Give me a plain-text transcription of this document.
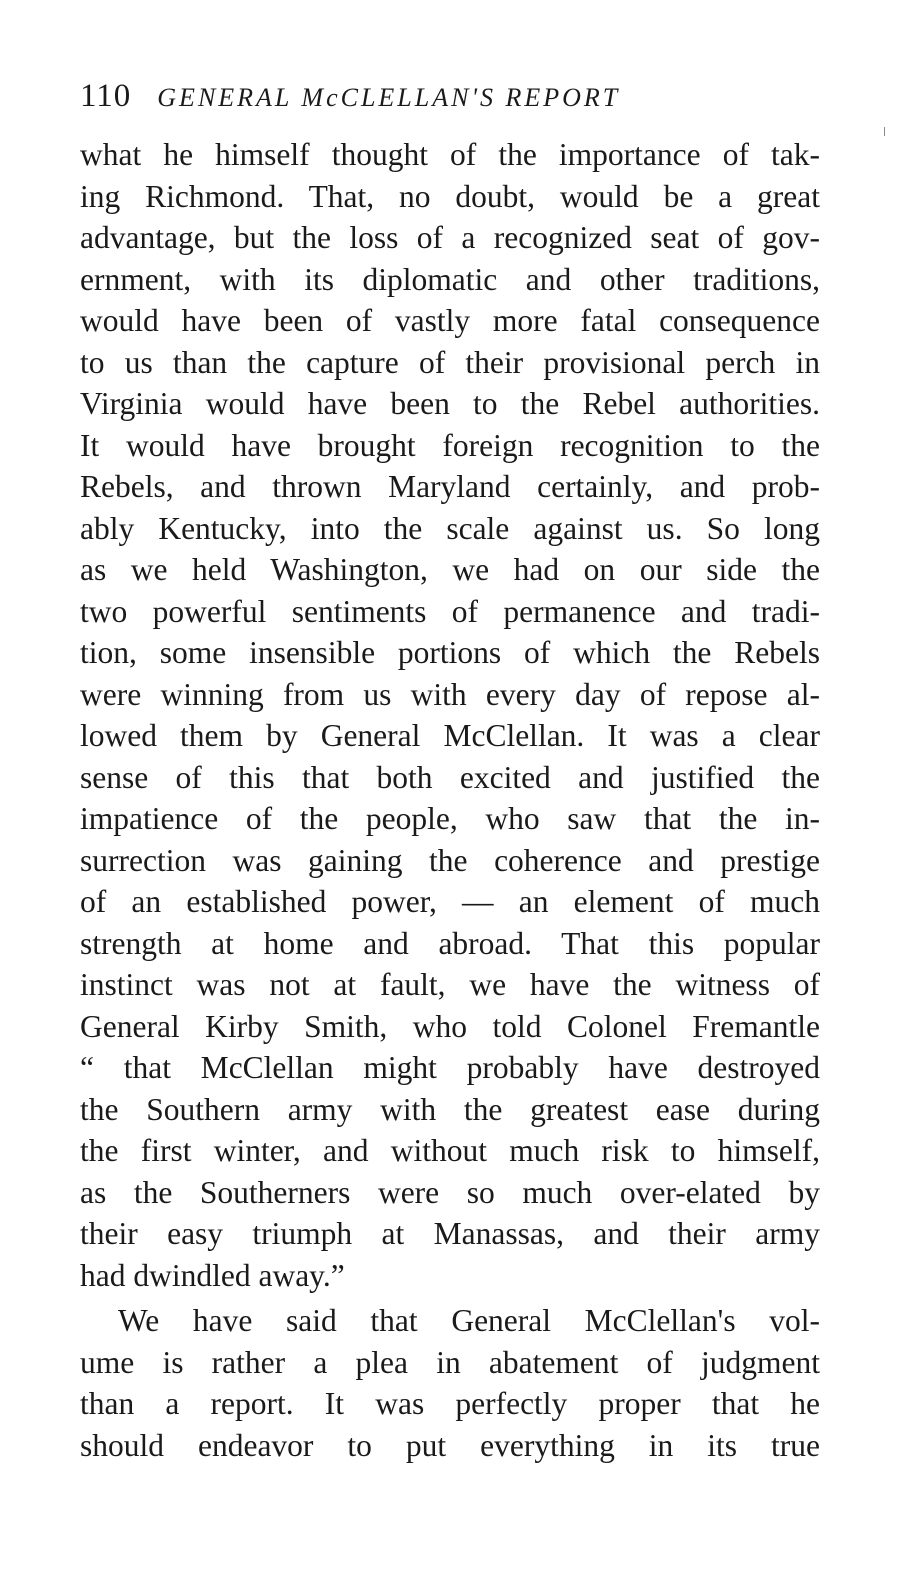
110 GENERAL McCLELLAN'S REPORT
what he himself thought of the importance of tak-
ing Richmond. That, no doubt, would be a great
advantage, but the loss of a recognized seat of gov-
ernment, with its diplomatic and other traditions,
would have been of vastly more fatal consequence
to us than the capture of their provisional perch in
Virginia would have been to the Rebel authorities.
It would have brought foreign recognition to the
Rebels, and thrown Maryland certainly, and prob-
ably Kentucky, into the scale against us. So long
as we held Washington, we had on our side the
two powerful sentiments of permanence and tradi-
tion, some insensible portions of which the Rebels
were winning from us with every day of repose al-
lowed them by General McClellan. It was a clear
sense of this that both excited and justified the
impatience of the people, who saw that the in-
surrection was gaining the coherence and prestige
of an established power, — an element of much
strength at home and abroad. That this popular
instinct was not at fault, we have the witness of
General Kirby Smith, who told Colonel Fremantle
“ that McClellan might probably have destroyed
the Southern army with the greatest ease during
the first winter, and without much risk to himself,
as the Southerners were so much over-elated by
their easy triumph at Manassas, and their army
had dwindled away.”
We have said that General McClellan's vol-
ume is rather a plea in abatement of judgment
than a report. It was perfectly proper that he
should endeavor to put everything in its true
